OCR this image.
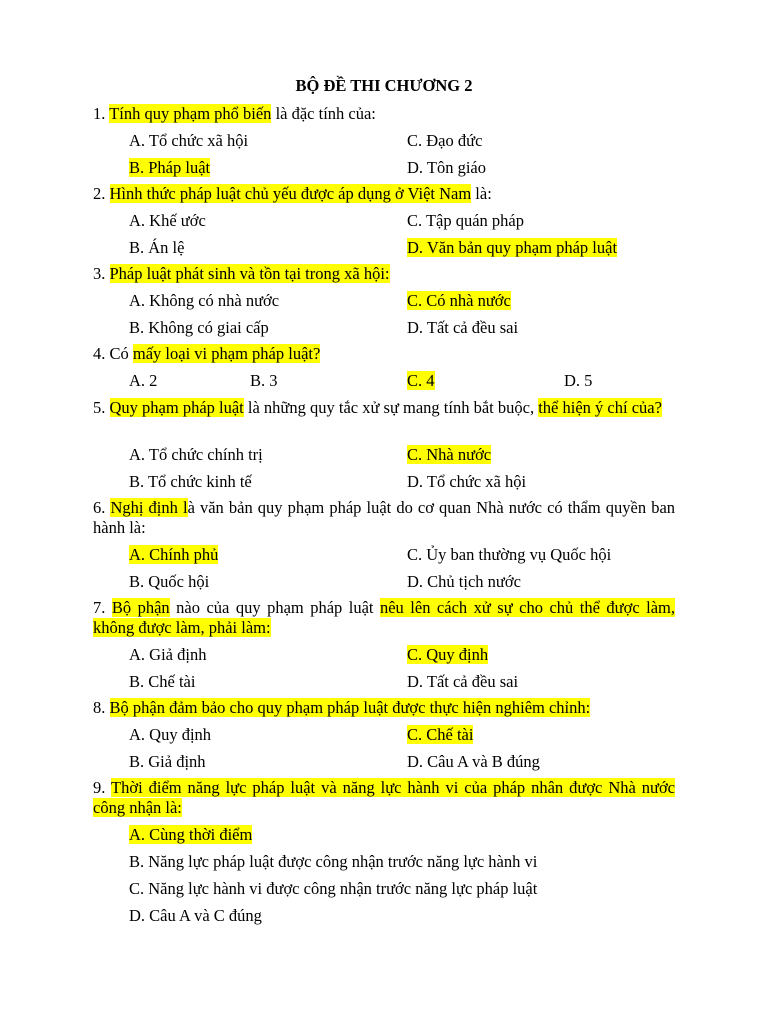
BỘ ĐỀ THI CHƯƠNG 2
1. Tính quy phạm phổ biến là đặc tính của:
A. Tổ chức xã hội	C. Đạo đức
B. Pháp luật	D. Tôn giáo
2. Hình thức pháp luật chủ yếu được áp dụng ở Việt Nam là:
A. Khế ước	C. Tập quán pháp
B. Án lệ	D. Văn bản quy phạm pháp luật
3. Pháp luật phát sinh và tồn tại trong xã hội:
A. Không có nhà nước	C. Có nhà nước
B. Không có giai cấp	D. Tất cả đều sai
4. Có mấy loại vi phạm pháp luật?
A. 2	B. 3	C. 4	D. 5
5. Quy phạm pháp luật là những quy tắc xử sự mang tính bắt buộc, thể hiện ý chí của?
A. Tổ chức chính trị	C. Nhà nước
B. Tổ chức kinh tế	D. Tổ chức xã hội
6. Nghị định là văn bản quy phạm pháp luật do cơ quan Nhà nước có thẩm quyền ban hành là:
A. Chính phủ	C. Ủy ban thường vụ Quốc hội
B. Quốc hội	D. Chủ tịch nước
7. Bộ phận nào của quy phạm pháp luật nêu lên cách xử sự cho chủ thể được làm, không được làm, phải làm:
A. Giả định	C. Quy định
B. Chế tài	D. Tất cả đều sai
8. Bộ phận đảm bảo cho quy phạm pháp luật được thực hiện nghiêm chỉnh:
A. Quy định	C. Chế tài
B. Giả định	D. Câu A và B đúng
9. Thời điểm năng lực pháp luật và năng lực hành vi của pháp nhân được Nhà nước công nhận là:
A. Cùng thời điểm
B. Năng lực pháp luật được công nhận trước năng lực hành vi
C. Năng lực hành vi được công nhận trước năng lực pháp luật
D. Câu A và C đúng
